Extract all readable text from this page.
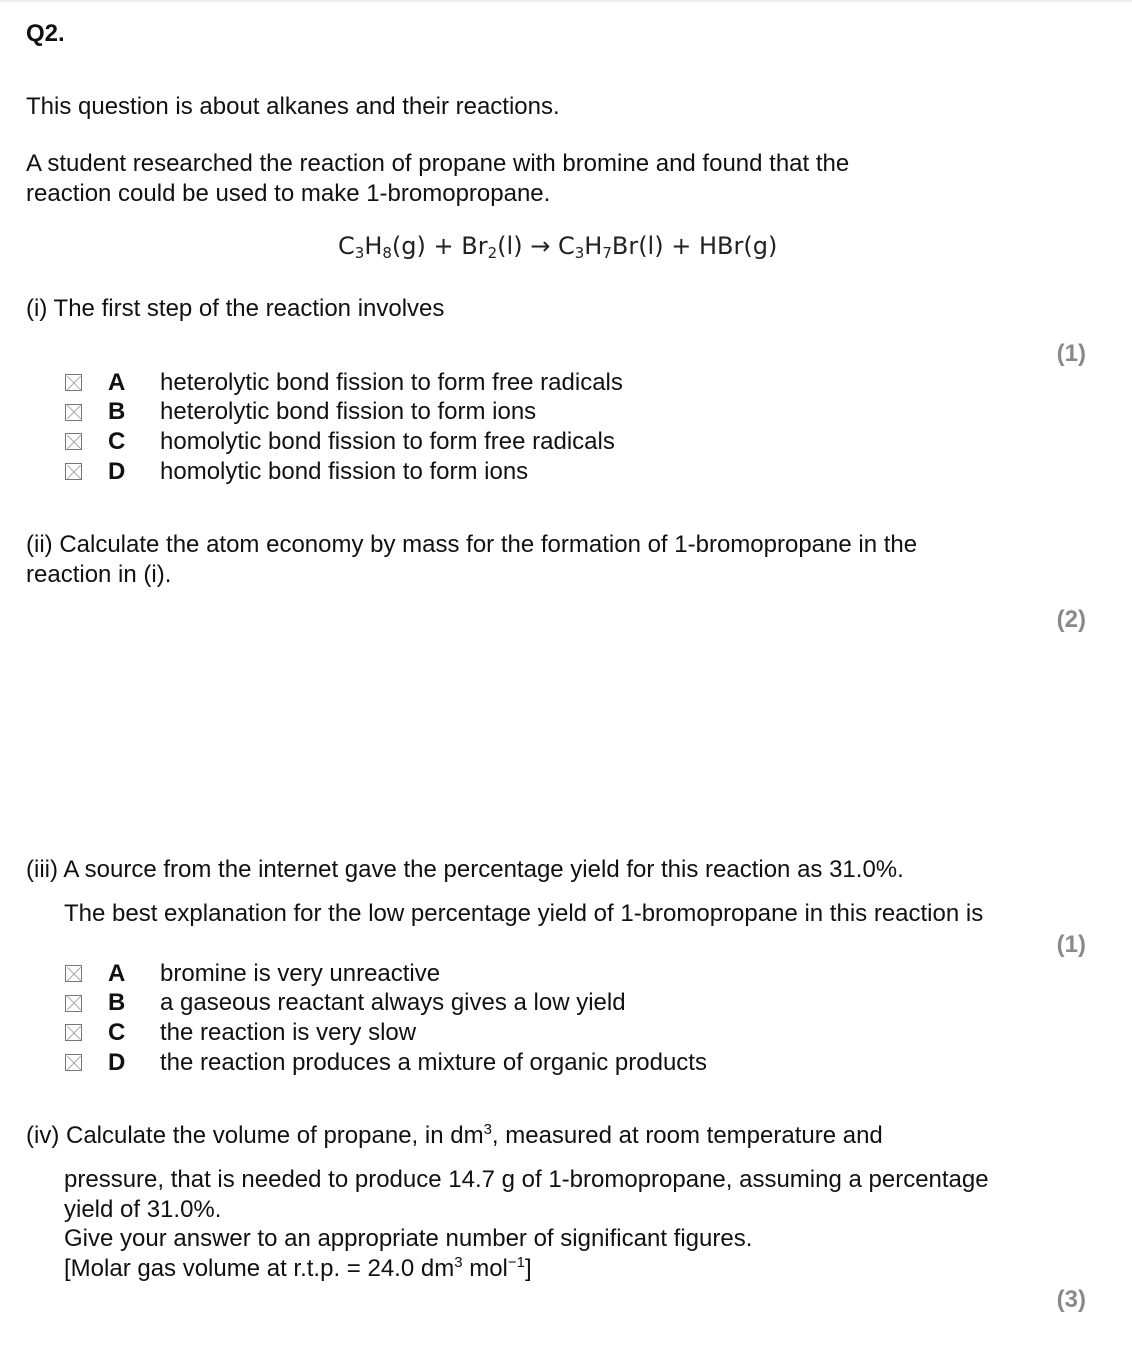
Q2.
This question is about alkanes and their reactions.
A student researched the reaction of propane with bromine and found that the
reaction could be used to make 1-bromopropane.
$C_3H_8(g) + Br_2(l) \to C_3H_7Br(l) + HBr(g)$
(i) The first step of the reaction involves
(1)
A	heterolytic bond fission to form free radicals
B	heterolytic bond fission to form ions
C	homolytic bond fission to form free radicals
D	homolytic bond fission to form ions
(ii) Calculate the atom economy by mass for the formation of 1-bromopropane in the
reaction in (i).
(2)
(iii) A source from the internet gave the percentage yield for this reaction as 31.0%.
The best explanation for the low percentage yield of 1-bromopropane in this reaction is
(1)
A	bromine is very unreactive
B	a gaseous reactant always gives a low yield
C	the reaction is very slow
D	the reaction produces a mixture of organic products
(iv) Calculate the volume of propane, in $dm^3$, measured at room temperature and
pressure, that is needed to produce 14.7 g of 1-bromopropane, assuming a percentage
yield of 31.0%.
Give your answer to an appropriate number of significant figures.
[Molar gas volume at r.t.p. = 24.0 $dm^3$ mol$^{-1}$]
(3)
